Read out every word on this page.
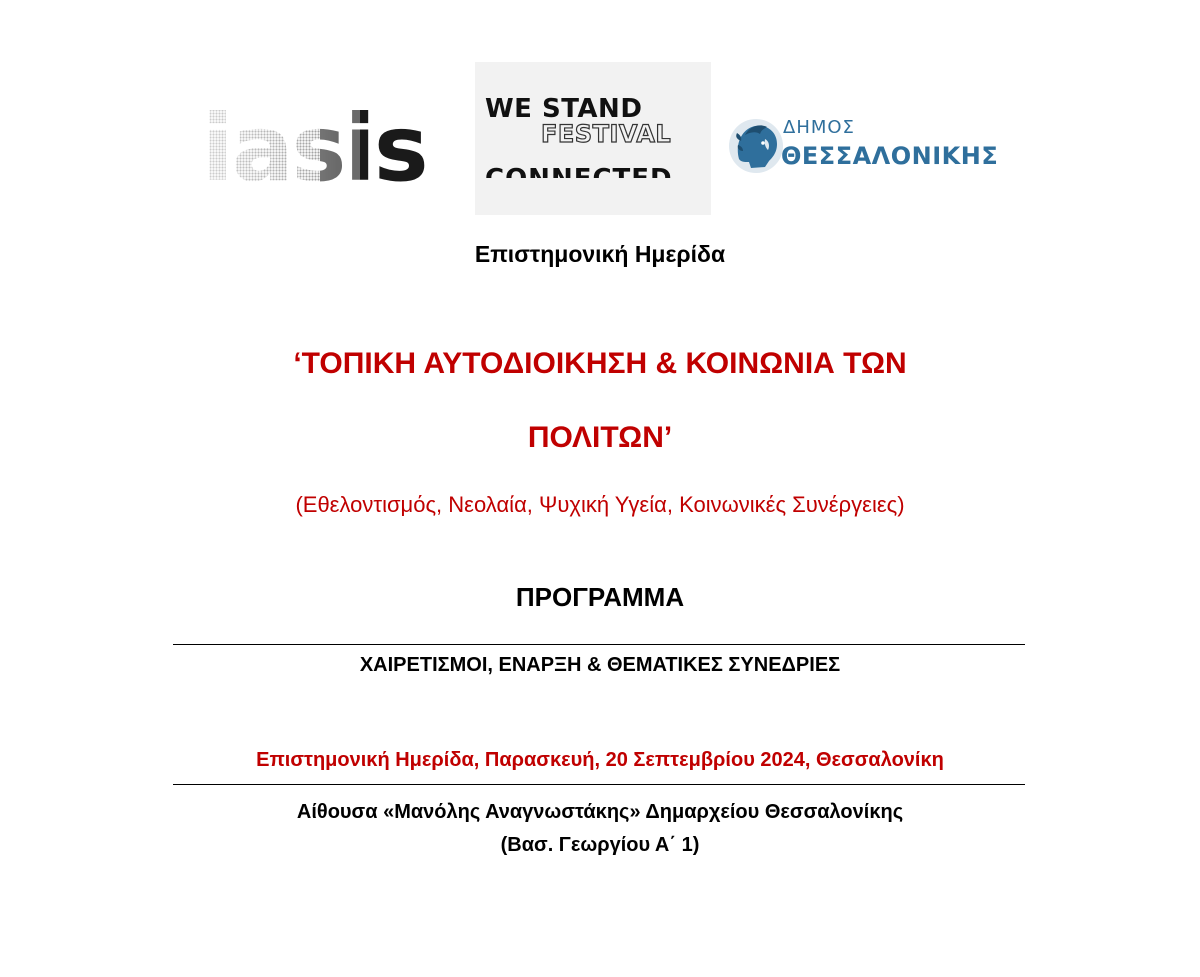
WE STAND
FESTIVAL	ΔΗΜΟΣ
ΘΕΣΣΑΛΟΝΙΚΗΣ
Επιστημονική Ημερίδα
‘ΤΟΠΙΚΗ ΑΥΤΟΔΙΟΙΚΗΣΗ & ΚΟΙΝΩΝΙΑ ΤΩΝ
ΠΟΛΙΤΩΝ’
(Εθελοντισμός, Νεολαία, Ψυχική Υγεία, Κοινωνικές Συνέργειες)
ΠΡΟΓΡΑΜΜΑ
ΧΑΙΡΕΤΙΣΜΟΙ, ΕΝΑΡΞΗ & ΘΕΜΑΤΙΚΕΣ ΣΥΝΕΔΡΙΕΣ
Επιστημονική Ημερίδα, Παρασκευή, 20 Σεπτεμβρίου 2024, Θεσσαλονίκη
Αίθουσα «Μανόλης Αναγνωστάκης» Δημαρχείου Θεσσαλονίκης
(Βασ. Γεωργίου Α΄ 1)
